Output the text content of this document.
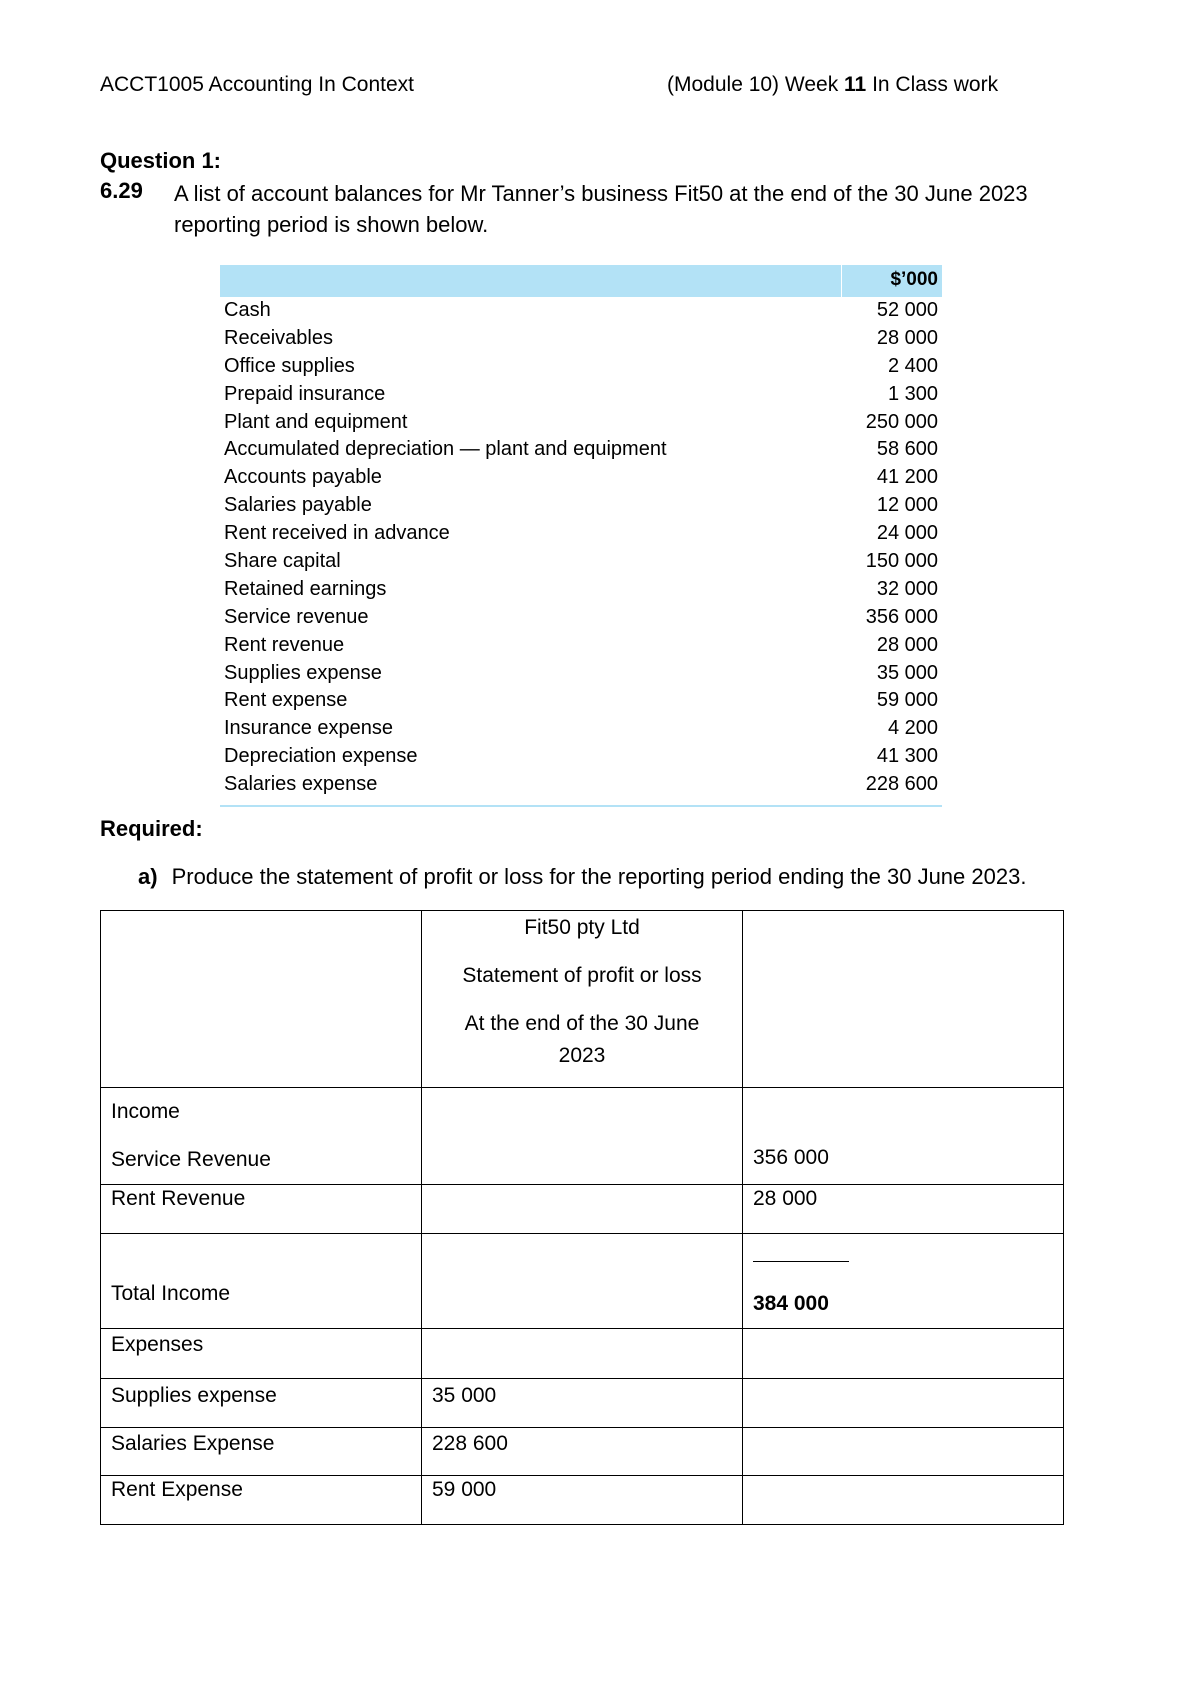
ACCT1005 Accounting In Context	(Module 10) Week 11 In Class work
Question 1:
6.29 A list of account balances for Mr Tanner’s business Fit50 at the end of the 30 June 2023 reporting period is shown below.
$’000
Cash	52 000
Receivables	28 000
Office supplies	2 400
Prepaid insurance	1 300
Plant and equipment	250 000
Accumulated depreciation — plant and equipment	58 600
Accounts payable	41 200
Salaries payable	12 000
Rent received in advance	24 000
Share capital	150 000
Retained earnings	32 000
Service revenue	356 000
Rent revenue	28 000
Supplies expense	35 000
Rent expense	59 000
Insurance expense	4 200
Depreciation expense	41 300
Salaries expense	228 600
Required:
a) Produce the statement of profit or loss for the reporting period ending the 30 June 2023.

	Fit50 pty Ltd
Statement of profit or loss
At the end of the 30 June
2023	

Income
Service Revenue		356 000
Rent Revenue		28 000
Total Income		384 000

Expenses		
Supplies expense	35 000	
Salaries Expense	228 600	
Rent Expense	59 000	
